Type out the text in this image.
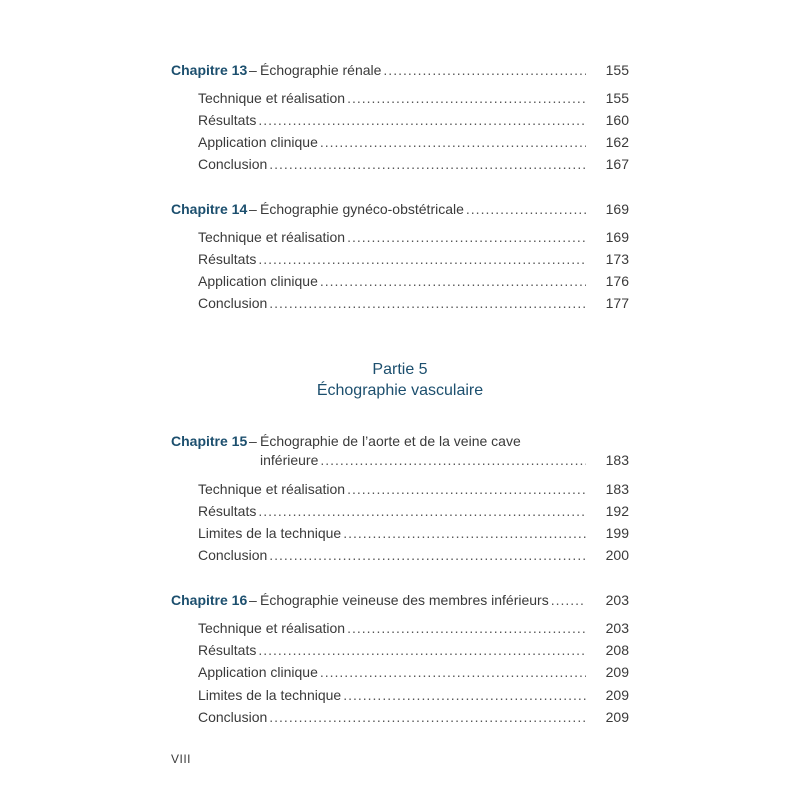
Chapitre 13 – Échographie rénale .....	155
Technique et réalisation .....	155
Résultats .....	160
Application clinique .....	162
Conclusion .....	167
Chapitre 14 – Échographie gynéco-obstétricale .....	169
Technique et réalisation .....	169
Résultats .....	173
Application clinique .....	176
Conclusion .....	177
Partie 5
Échographie vasculaire
Chapitre 15 – Échographie de l’aorte et de la veine cave
inférieure .....	183
Technique et réalisation .....	183
Résultats .....	192
Limites de la technique .....	199
Conclusion .....	200
Chapitre 16 – Échographie veineuse des membres inférieurs .....	203
Technique et réalisation .....	203
Résultats .....	208
Application clinique .....	209
Limites de la technique .....	209
Conclusion .....	209
VIII
